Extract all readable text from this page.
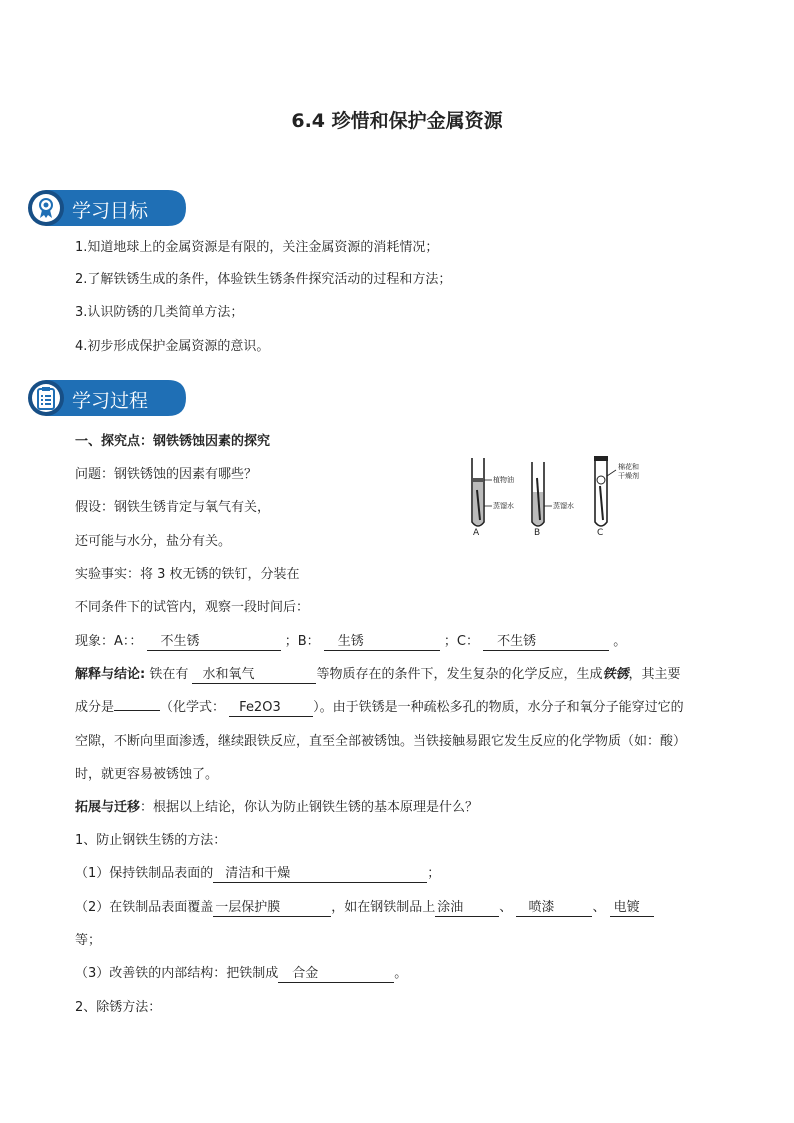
6.4 珍惜和保护金属资源
学习目标
1.知道地球上的金属资源是有限的，关注金属资源的消耗情况；
2.了解铁锈生成的条件，体验铁生锈条件探究活动的过程和方法；
3.认识防锈的几类简单方法；
4.初步形成保护金属资源的意识。
学习过程
一、探究点：钢铁锈蚀因素的探究
问题：钢铁锈蚀的因素有哪些？
假设：钢铁生锈肯定与氧气有关，
还可能与水分，盐分有关。
实验事实：将 3 枚无锈的铁钉，分装在
不同条件下的试管内，观察一段时间后：
现象：A：： 不生锈	；B： 生锈	；C： 不生锈	。
植物油
蒸馏水	蒸馏水
棉花和
干燥剂
A	B	C
解释与结论: 铁在有 水和氧气	等物质存在的条件下，发生复杂的化学反应，生成铁锈，其主要
成分是	（化学式： Fe2O3 ）。由于铁锈是一种疏松多孔的物质，水分子和氧分子能穿过它的
空隙，不断向里面渗透，继续跟铁反应，直至全部被锈蚀。当铁接触易跟它发生反应的化学物质（如：酸）
时，就更容易被锈蚀了。
拓展与迁移：根据以上结论，你认为防止钢铁生锈的基本原理是什么？
1、防止钢铁生锈的方法：
（1）保持铁制品表面的 清洁和干燥	；
（2）在铁制品表面覆盖 一层保护膜	，如在钢铁制品上 涂油	、 喷漆	、 电镀
等；
（3）改善铁的内部结构：把铁制成 合金	。
2、除锈方法：
